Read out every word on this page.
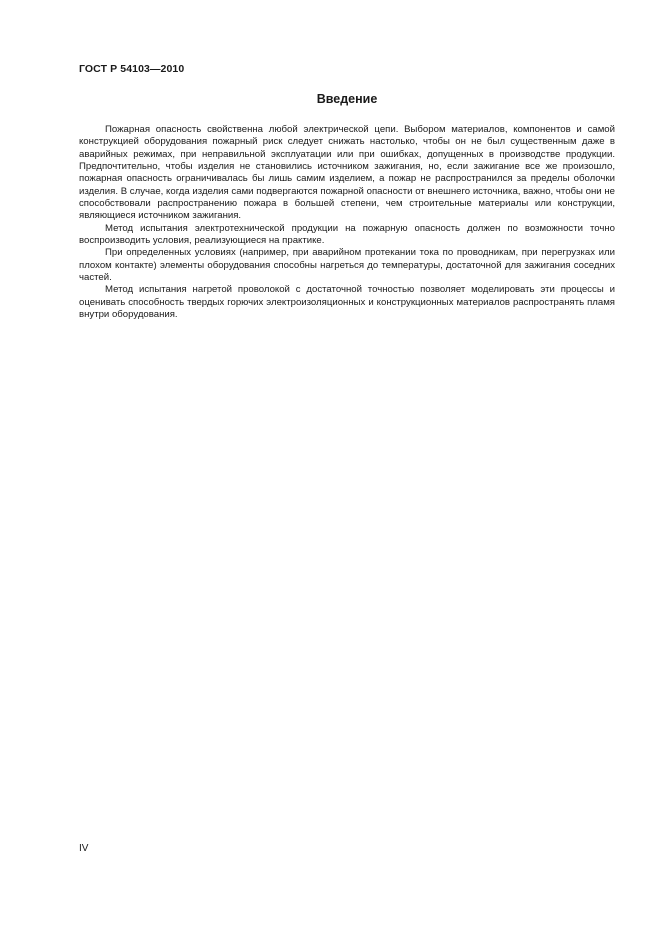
ГОСТ Р 54103—2010
Введение

Пожарная опасность свойственна любой электрической цепи. Выбором материалов, компонентов и самой конструкцией оборудования пожарный риск следует снижать настолько, чтобы он не был существенным даже в аварийных режимах, при неправильной эксплуатации или при ошибках, допущенных в производстве продукции. Предпочтительно, чтобы изделия не становились источником зажигания, но, если зажигание все же произошло, пожарная опасность ограничивалась бы лишь самим изделием, а пожар не распространился за пределы оболочки изделия. В случае, когда изделия сами подвергаются пожарной опасности от внешнего источника, важно, чтобы они не способствовали распространению пожара в большей степени, чем строительные материалы или конструкции, являющиеся источником зажигания.

Метод испытания электротехнической продукции на пожарную опасность должен по возможности точно воспроизводить условия, реализующиеся на практике.

При определенных условиях (например, при аварийном протекании тока по проводникам, при перегрузках или плохом контакте) элементы оборудования способны нагреться до температуры, достаточной для зажигания соседних частей.

Метод испытания нагретой проволокой с достаточной точностью позволяет моделировать эти процессы и оценивать способность твердых горючих электроизоляционных и конструкционных материалов распространять пламя внутри оборудования.

IV
